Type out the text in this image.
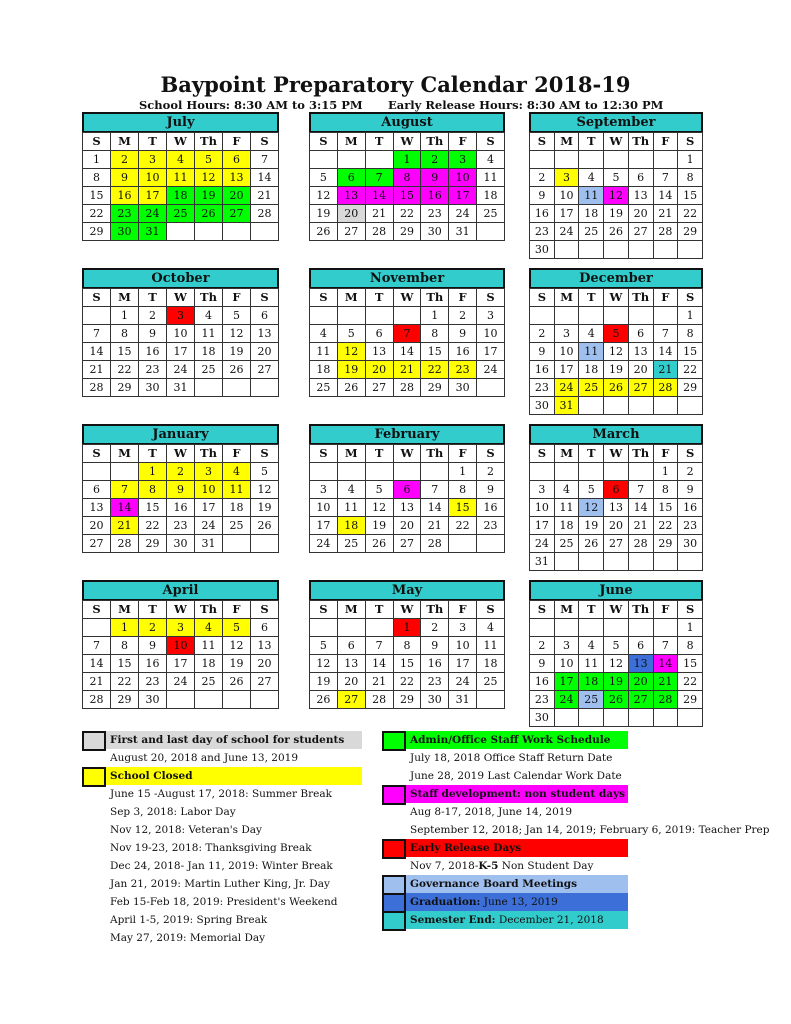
Baypoint Preparatory Calendar 2018-19
School Hours: 8:30 AM to 3:15 PM Early Release Hours: 8:30 AM to 12:30 PM
July
S	M	T	W	Th	F	S
1	2	3	4	5	6	7
8	9	10	11	12	13	14
15	16	17	18	19	20	21
22	23	24	25	26	27	28
29	30	31				
August
S	M	T	W	Th	F	S
			1	2	3	4
5	6	7	8	9	10	11
12	13	14	15	16	17	18
19	20	21	22	23	24	25
26	27	28	29	30	31	
September
S	M	T	W	Th	F	S
						1
2	3	4	5	6	7	8
9	10	11	12	13	14	15
16	17	18	19	20	21	22
23	24	25	26	27	28	29
30						
October
S	M	T	W	Th	F	S
	1	2	3	4	5	6
7	8	9	10	11	12	13
14	15	16	17	18	19	20
21	22	23	24	25	26	27
28	29	30	31			
November
S	M	T	W	Th	F	S
				1	2	3
4	5	6	7	8	9	10
11	12	13	14	15	16	17
18	19	20	21	22	23	24
25	26	27	28	29	30	
December
S	M	T	W	Th	F	S
						1
2	3	4	5	6	7	8
9	10	11	12	13	14	15
16	17	18	19	20	21	22
23	24	25	26	27	28	29
30	31					
January
S	M	T	W	Th	F	S
		1	2	3	4	5
6	7	8	9	10	11	12
13	14	15	16	17	18	19
20	21	22	23	24	25	26
27	28	29	30	31		
February
S	M	T	W	Th	F	S
					1	2
3	4	5	6	7	8	9
10	11	12	13	14	15	16
17	18	19	20	21	22	23
24	25	26	27	28		
March
S	M	T	W	Th	F	S
					1	2
3	4	5	6	7	8	9
10	11	12	13	14	15	16
17	18	19	20	21	22	23
24	25	26	27	28	29	30
31						
April
S	M	T	W	Th	F	S
	1	2	3	4	5	6
7	8	9	10	11	12	13
14	15	16	17	18	19	20
21	22	23	24	25	26	27
28	29	30				
May
S	M	T	W	Th	F	S
			1	2	3	4
5	6	7	8	9	10	11
12	13	14	15	16	17	18
19	20	21	22	23	24	25
26	27	28	29	30	31	
June
S	M	T	W	Th	F	S
						1
2	3	4	5	6	7	8
9	10	11	12	13	14	15
16	17	18	19	20	21	22
23	24	25	26	27	28	29
30						
First and last day of school for students
August 20, 2018 and June 13, 2019
School Closed
June 15 -August 17, 2018: Summer Break
Sep 3, 2018: Labor Day
Nov 12, 2018: Veteran's Day
Nov 19-23, 2018: Thanksgiving Break
Dec 24, 2018- Jan 11, 2019: Winter Break
Jan 21, 2019: Martin Luther King, Jr. Day
Feb 15-Feb 18, 2019: President's Weekend
April 1-5, 2019: Spring Break
May 27, 2019: Memorial Day
Admin/Office Staff Work Schedule
July 18, 2018 Office Staff Return Date
June 28, 2019 Last Calendar Work Date
Staff development: non student days
Aug 8-17, 2018, June 14, 2019
September 12, 2018; Jan 14, 2019; February 6, 2019: Teacher Prep
Early Release Days
Nov 7, 2018-K-5 Non Student Day
Governance Board Meetings
Graduation: June 13, 2019
Semester End: December 21, 2018
